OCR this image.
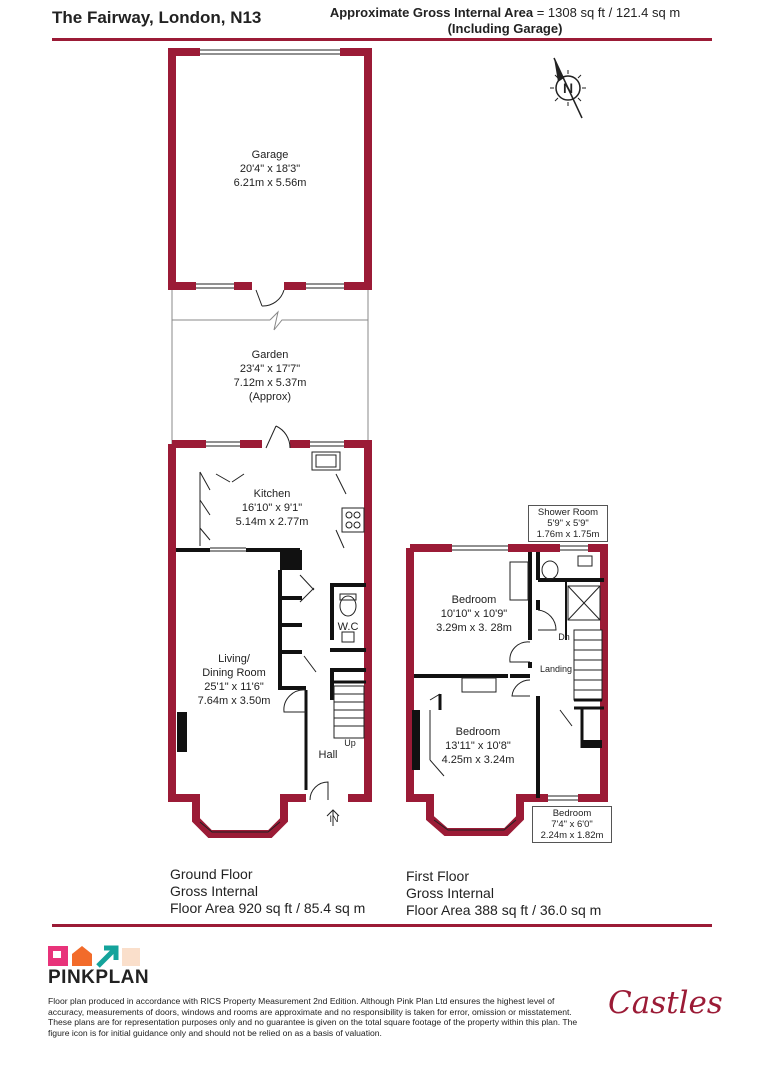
The Fairway, London, N13	Approximate Gross Internal Area = 1308 sq ft / 121.4 sq m
(Including Garage)
N
Garage
20'4" x 18'3"
6.21m x 5.56m
Garden
23'4" x 17'7"
7.12m x 5.37m
(Approx)
Kitchen
16'10" x 9'1"
5.14m x 2.77m
Living/
Dining Room
25'1" x 11'6"
7.64m x 3.50m
W.C
Hall
Up
IN
Bedroom
10'10" x 10'9"
3.29m x 3. 28m
Bedroom
13'11" x 10'8"
4.25m x 3.24m
Landing
Dn
Shower Room
5'9" x 5'9"
1.76m x 1.75m
Bedroom
7'4" x 6'0"
2.24m x 1.82m
Ground Floor
Gross Internal
Floor Area 920 sq ft / 85.4 sq m
First Floor
Gross Internal
Floor Area 388 sq ft / 36.0 sq m
PINKPLAN
Floor plan produced in accordance with RICS Property Measurement 2nd Edition. Although Pink Plan Ltd ensures the highest level of accuracy, measurements of doors, windows and rooms are approximate and no responsibility is taken for error, omission or misstatement. These plans are for representation purposes only and no guarantee is given on the total square footage of the property within this plan. The figure icon is for initial guidance only and should not be relied on as a basis of valuation.
Castles
